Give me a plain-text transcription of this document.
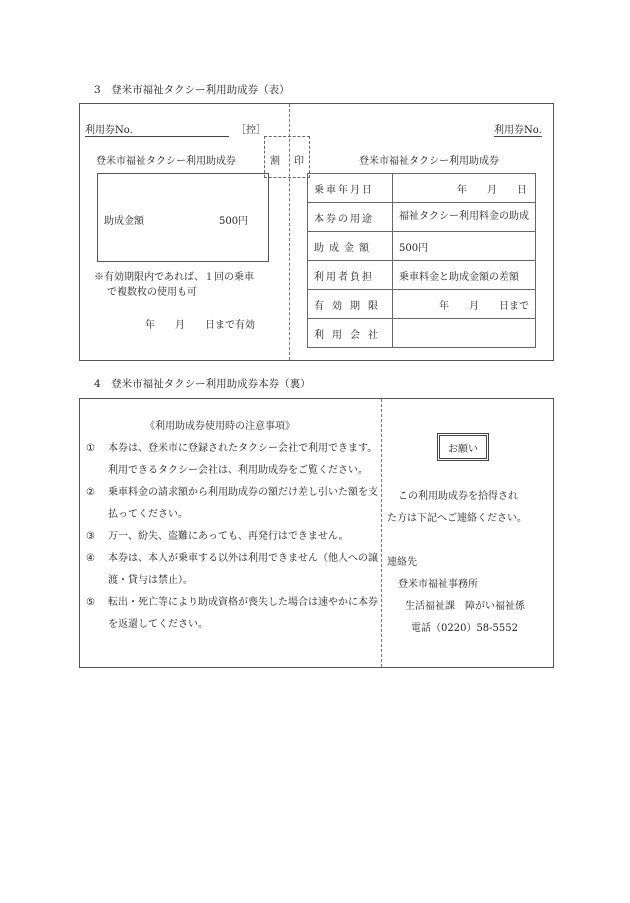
3　登米市福祉タクシー利用助成券（表）
利用券No.	［控］	利用券No.
登米市福祉タクシー利用助成券	割 印	登米市福祉タクシー利用助成券
助成金額	500円
※有効期限内であれば、１回の乗車
で複数枚の使用も可
年　　月　　日まで有効
乗車年月日	年　　月　　日
本券の用途	福祉タクシー利用料金の助成
助成金額	500円
利用者負担	乗車料金と助成金額の差額
有効期限	年　　月　　日まで
利用会社	
4　登米市福祉タクシー利用助成券本券（裏）
《利用助成券使用時の注意事項》
①	本券は、登米市に登録されたタクシー会社で利用できます。利用できるタクシー会社は、利用助成券をご覧ください。
②	乗車料金の請求額から利用助成券の額だけ差し引いた額を支払ってください。
③	万一、紛失、盗難にあっても、再発行はできません。
④	本券は、本人が乗車する以外は利用できません（他人への譲渡・貸与は禁止）。
⑤	転出・死亡等により助成資格が喪失した場合は速やかに本券を返還してください。
お願い
この利用助成券を拾得され
た方は下記へご連絡ください。
連絡先
登米市福祉事務所
生活福祉課　障がい福祉係
電話（0220）58-5552
